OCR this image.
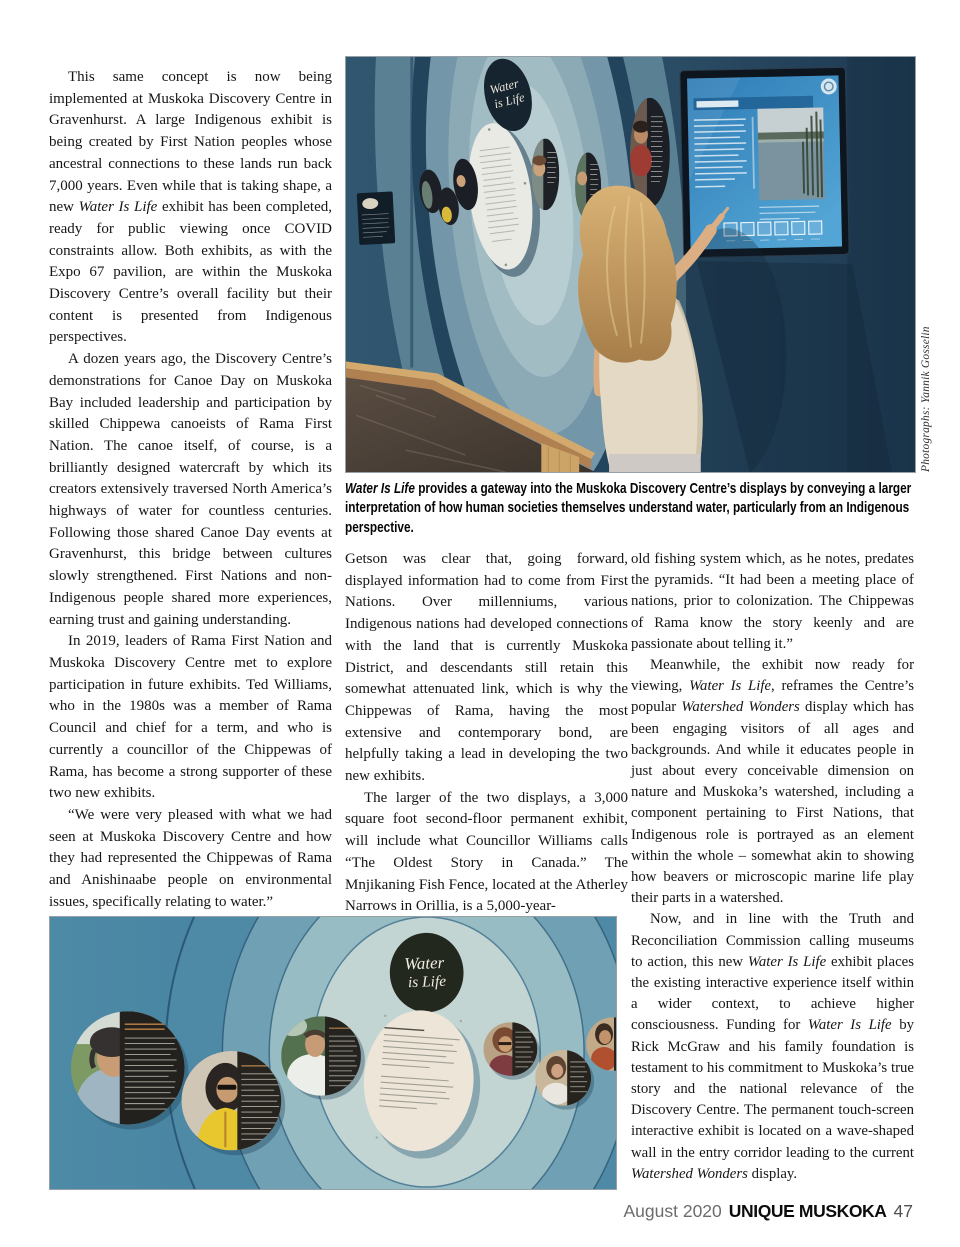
This same concept is now being implemented at Muskoka Discovery Centre in Gravenhurst. A large Indigenous exhibit is being created by First Nation peoples whose ancestral connections to these lands run back 7,000 years. Even while that is taking shape, a new Water Is Life exhibit has been completed, ready for public viewing once COVID constraints allow. Both exhibits, as with the Expo 67 pavilion, are within the Muskoka Discovery Centre’s overall facility but their content is presented from Indigenous perspectives.

A dozen years ago, the Discovery Centre’s demonstrations for Canoe Day on Muskoka Bay included leadership and participation by skilled Chippewa canoeists of Rama First Nation. The canoe itself, of course, is a brilliantly designed watercraft by which its creators extensively traversed North America’s highways of water for countless centuries. Following those shared Canoe Day events at Gravenhurst, this bridge between cultures slowly strengthened. First Nations and non-Indigenous people shared more experiences, earning trust and gaining understanding.

In 2019, leaders of Rama First Nation and Muskoka Discovery Centre met to explore participation in future exhibits. Ted Williams, who in the 1980s was a member of Rama Council and chief for a term, and who is currently a councillor of the Chippewas of Rama, has become a strong supporter of these two new exhibits.

“We were very pleased with what we had seen at Muskoka Discovery Centre and how they had represented the Chippewas of Rama and Anishinaabe people on environmental issues, specifically relating to water.”

Water is Life
Photographs: Yannik Gosselin
Water Is Life provides a gateway into the Muskoka Discovery Centre’s displays by conveying a larger interpretation of how human societies themselves understand water, particularly from an Indigenous perspective.

Getson was clear that, going forward, displayed information had to come from First Nations. Over millenniums, various Indigenous nations had developed connections with the land that is currently Muskoka District, and descendants still retain this somewhat attenuated link, which is why the Chippewas of Rama, having the most extensive and contemporary bond, are helpfully taking a lead in developing the two new exhibits.

The larger of the two displays, a 3,000 square foot second-floor permanent exhibit, will include what Councillor Williams calls “The Oldest Story in Canada.” The Mnjikaning Fish Fence, located at the Atherley Narrows in Orillia, is a 5,000-year-

old fishing system which, as he notes, predates the pyramids. “It had been a meeting place of nations, prior to colonization. The Chippewas of Rama know the story keenly and are passionate about telling it.”

Meanwhile, the exhibit now ready for viewing, Water Is Life, reframes the Centre’s popular Watershed Wonders display which has been engaging visitors of all ages and backgrounds. And while it educates people in just about every conceivable dimension on nature and Muskoka’s watershed, including a component pertaining to First Nations, that Indigenous role is portrayed as an element within the whole – somewhat akin to showing how beavers or microscopic marine life play their parts in a watershed.

Now, and in line with the Truth and Reconciliation Commission calling museums to action, this new Water Is Life exhibit places the existing interactive experience itself within a wider context, to achieve higher consciousness. Funding for Water Is Life by Rick McGraw and his family foundation is testament to his commitment to Muskoka’s true story and the national relevance of the Discovery Centre. The permanent touch-screen interactive exhibit is located on a wave-shaped wall in the entry corridor leading to the current Watershed Wonders display.

Water is Life
August 2020 UNIQUE MUSKOKA 47
